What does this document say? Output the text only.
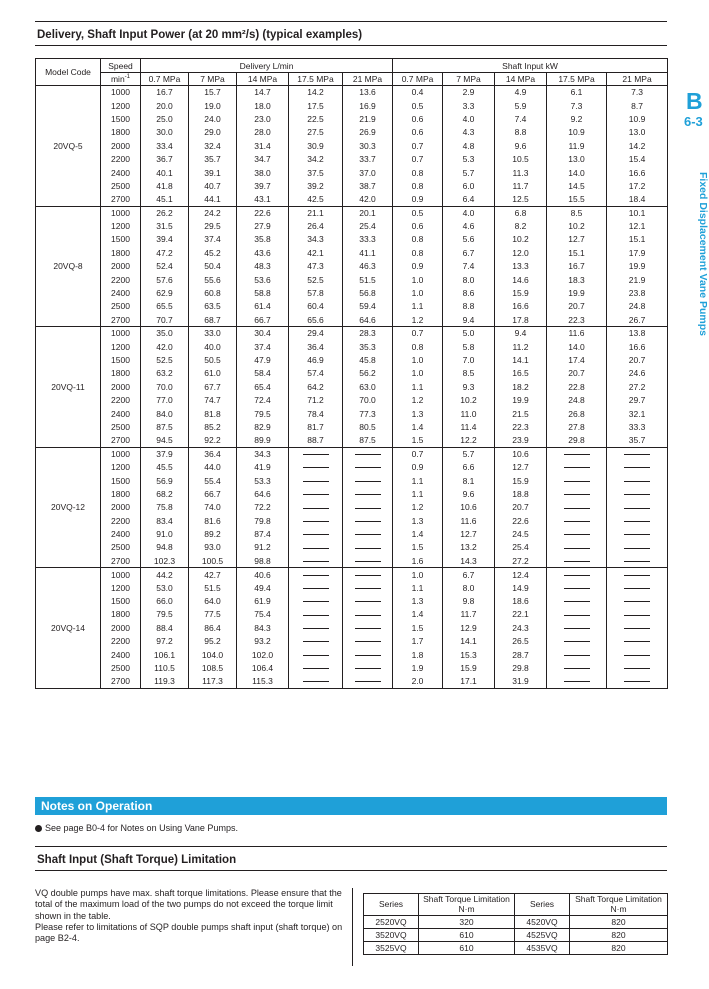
Delivery, Shaft Input Power (at 20 mm²/s) (typical examples)
Model Code	Speed	Delivery L/min					Shaft Input kW				
	$\min^{-1}$	0.7 MPa	7 MPa	14 MPa	17.5 MPa	21 MPa	0.7 MPa	7 MPa	14 MPa	17.5 MPa	21 MPa
20VQ-5	1000	16.7	15.7	14.7	14.2	13.6	0.4	2.9	4.9	6.1	7.3
	1200	20.0	19.0	18.0	17.5	16.9	0.5	3.3	5.9	7.3	8.7
	1500	25.0	24.0	23.0	22.5	21.9	0.6	4.0	7.4	9.2	10.9
	1800	30.0	29.0	28.0	27.5	26.9	0.6	4.3	8.8	10.9	13.0
	2000	33.4	32.4	31.4	30.9	30.3	0.7	4.8	9.6	11.9	14.2
	2200	36.7	35.7	34.7	34.2	33.7	0.7	5.3	10.5	13.0	15.4
	2400	40.1	39.1	38.0	37.5	37.0	0.8	5.7	11.3	14.0	16.6
	2500	41.8	40.7	39.7	39.2	38.7	0.8	6.0	11.7	14.5	17.2
	2700	45.1	44.1	43.1	42.5	42.0	0.9	6.4	12.5	15.5	18.4
20VQ-8	1000	26.2	24.2	22.6	21.1	20.1	0.5	4.0	6.8	8.5	10.1
	1200	31.5	29.5	27.9	26.4	25.4	0.6	4.6	8.2	10.2	12.1
	1500	39.4	37.4	35.8	34.3	33.3	0.8	5.6	10.2	12.7	15.1
	1800	47.2	45.2	43.6	42.1	41.1	0.8	6.7	12.0	15.1	17.9
	2000	52.4	50.4	48.3	47.3	46.3	0.9	7.4	13.3	16.7	19.9
	2200	57.6	55.6	53.6	52.5	51.5	1.0	8.0	14.6	18.3	21.9
	2400	62.9	60.8	58.8	57.8	56.8	1.0	8.6	15.9	19.9	23.8
	2500	65.5	63.5	61.4	60.4	59.4	1.1	8.8	16.6	20.7	24.8
	2700	70.7	68.7	66.7	65.6	64.6	1.2	9.4	17.8	22.3	26.7
20VQ-11	1000	35.0	33.0	30.4	29.4	28.3	0.7	5.0	9.4	11.6	13.8
	1200	42.0	40.0	37.4	36.4	35.3	0.8	5.8	11.2	14.0	16.6
	1500	52.5	50.5	47.9	46.9	45.8	1.0	7.0	14.1	17.4	20.7
	1800	63.2	61.0	58.4	57.4	56.2	1.0	8.5	16.5	20.7	24.6
	2000	70.0	67.7	65.4	64.2	63.0	1.1	9.3	18.2	22.8	27.2
	2200	77.0	74.7	72.4	71.2	70.0	1.2	10.2	19.9	24.8	29.7
	2400	84.0	81.8	79.5	78.4	77.3	1.3	11.0	21.5	26.8	32.1
	2500	87.5	85.2	82.9	81.7	80.5	1.4	11.4	22.3	27.8	33.3
	2700	94.5	92.2	89.9	88.7	87.5	1.5	12.2	23.9	29.8	35.7
20VQ-12	1000	37.9	36.4	34.3			0.7	5.7	10.6		
	1200	45.5	44.0	41.9			0.9	6.6	12.7		
	1500	56.9	55.4	53.3			1.1	8.1	15.9		
	1800	68.2	66.7	64.6			1.1	9.6	18.8		
	2000	75.8	74.0	72.2			1.2	10.6	20.7		
	2200	83.4	81.6	79.8			1.3	11.6	22.6		
	2400	91.0	89.2	87.4			1.4	12.7	24.5		
	2500	94.8	93.0	91.2			1.5	13.2	25.4		
	2700	102.3	100.5	98.8			1.6	14.3	27.2		
20VQ-14	1000	44.2	42.7	40.6			1.0	6.7	12.4		
	1200	53.0	51.5	49.4			1.1	8.0	14.9		
	1500	66.0	64.0	61.9			1.3	9.8	18.6		
	1800	79.5	77.5	75.4			1.4	11.7	22.1		
	2000	88.4	86.4	84.3			1.5	12.9	24.3		
	2200	97.2	95.2	93.2			1.7	14.1	26.5		
	2400	106.1	104.0	102.0			1.8	15.3	28.7		
	2500	110.5	108.5	106.4			1.9	15.9	29.8		
	2700	119.3	117.3	115.3			2.0	17.1	31.9		
B
6-3
Fixed Displacement Vane Pumps
Notes on Operation
See page B0-4 for Notes on Using Vane Pumps.
Shaft Input (Shaft Torque) Limitation

VQ double pumps have max. shaft torque limitations. Please ensure that the total of the maximum load of the two pumps do not exceed the torque limit shown in the table.

Please refer to limitations of SQP double pumps shaft input (shaft torque) on page B2-4.

Series	Shaft Torque Limitation
N·m	Series	Shaft Torque Limitation
N·m
2520VQ	320	4520VQ	820
3520VQ	610	4525VQ	820
3525VQ	610	4535VQ	820
